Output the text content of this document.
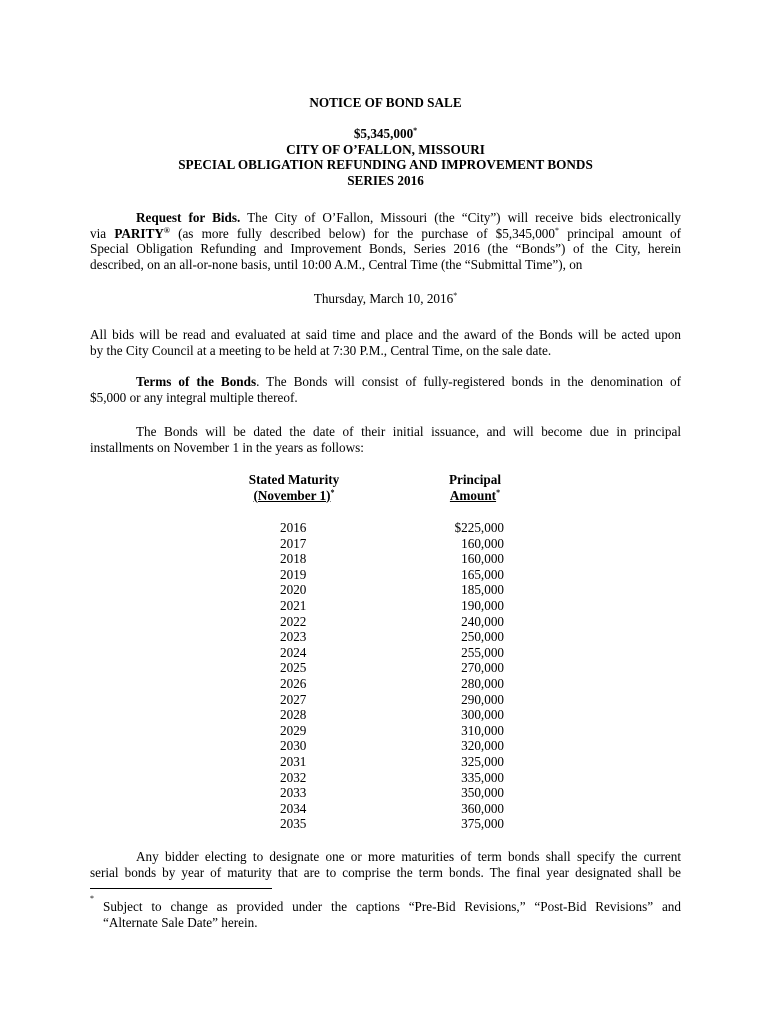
NOTICE OF BOND SALE
$5,345,000*
CITY OF O’FALLON, MISSOURI
SPECIAL OBLIGATION REFUNDING AND IMPROVEMENT BONDS
SERIES 2016
Request for Bids. The City of O’Fallon, Missouri (the “City”) will receive bids electronically
via PARITY® (as more fully described below) for the purchase of $5,345,000* principal amount of
Special Obligation Refunding and Improvement Bonds, Series 2016 (the “Bonds”) of the City, herein
described, on an all-or-none basis, until 10:00 A.M., Central Time (the “Submittal Time”), on
Thursday, March 10, 2016*
All bids will be read and evaluated at said time and place and the award of the Bonds will be acted upon
by the City Council at a meeting to be held at 7:30 P.M., Central Time, on the sale date.
Terms of the Bonds. The Bonds will consist of fully-registered bonds in the denomination of
$5,000 or any integral multiple thereof.
The Bonds will be dated the date of their initial issuance, and will become due in principal
installments on November 1 in the years as follows:
Stated Maturity
(November 1)*
Principal
Amount*
2016	$225,000
2017	160,000
2018	160,000
2019	165,000
2020	185,000
2021	190,000
2022	240,000
2023	250,000
2024	255,000
2025	270,000
2026	280,000
2027	290,000
2028	300,000
2029	310,000
2030	320,000
2031	325,000
2032	335,000
2033	350,000
2034	360,000
2035	375,000
Any bidder electing to designate one or more maturities of term bonds shall specify the current
serial bonds by year of maturity that are to comprise the term bonds. The final year designated shall be
*
Subject to change as provided under the captions “Pre-Bid Revisions,” “Post-Bid Revisions” and
“Alternate Sale Date” herein.
